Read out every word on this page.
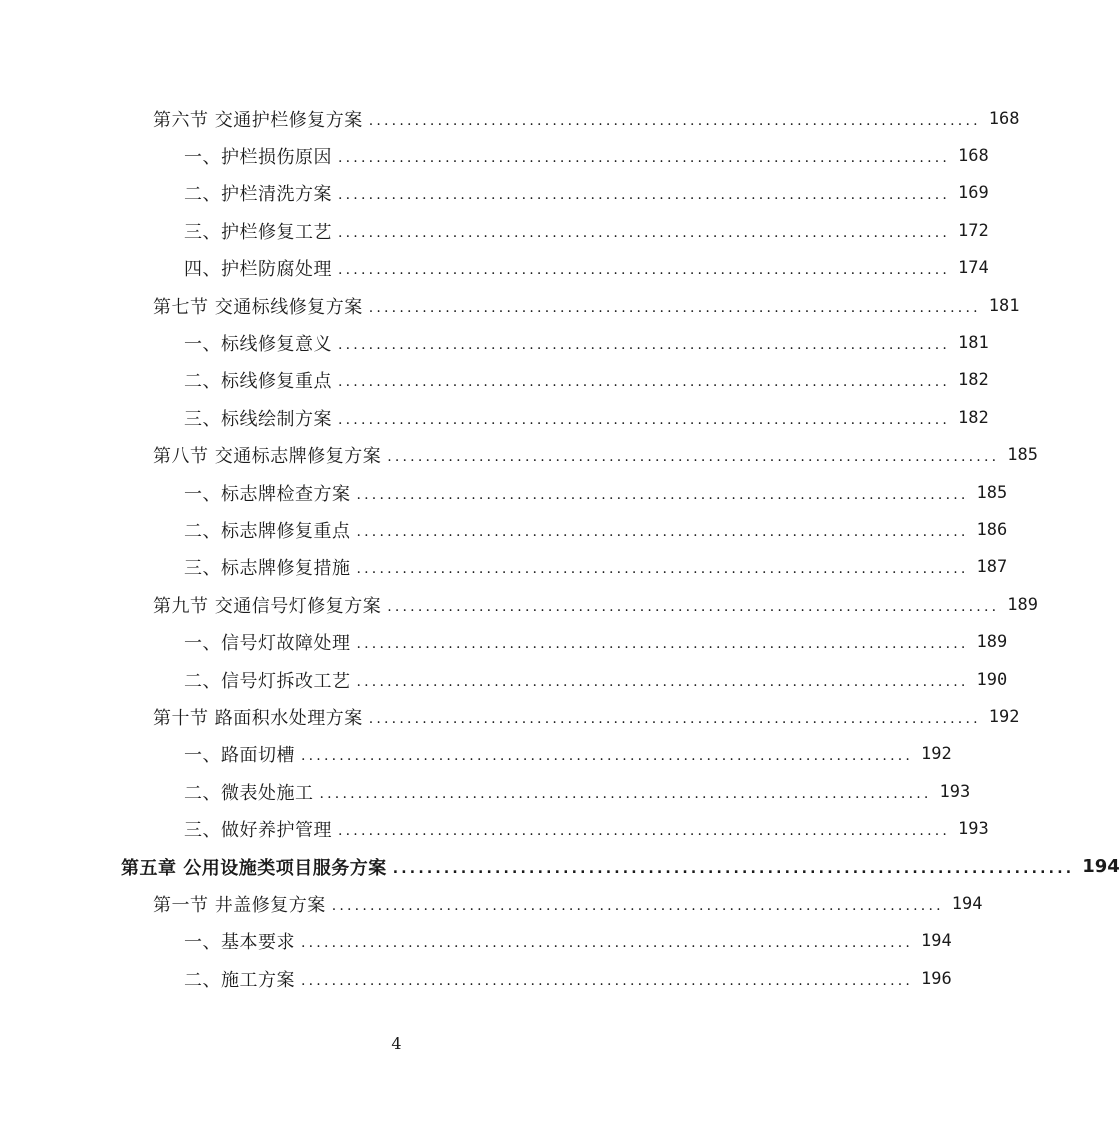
第六节 交通护栏修复方案 ................................................................................ 168
一、护栏损伤原因 ................................................................................ 168
二、护栏清洗方案 ................................................................................ 169
三、护栏修复工艺 ................................................................................ 172
四、护栏防腐处理 ................................................................................ 174
第七节 交通标线修复方案 ................................................................................ 181
一、标线修复意义 ................................................................................ 181
二、标线修复重点 ................................................................................ 182
三、标线绘制方案 ................................................................................ 182
第八节 交通标志牌修复方案 ................................................................................ 185
一、标志牌检查方案 ................................................................................ 185
二、标志牌修复重点 ................................................................................ 186
三、标志牌修复措施 ................................................................................ 187
第九节 交通信号灯修复方案 ................................................................................ 189
一、信号灯故障处理 ................................................................................ 189
二、信号灯拆改工艺 ................................................................................ 190
第十节 路面积水处理方案 ................................................................................ 192
一、路面切槽 ................................................................................ 192
二、微表处施工 ................................................................................ 193
三、做好养护管理 ................................................................................ 193
第五章 公用设施类项目服务方案 ................................................................................ 194
第一节 井盖修复方案 ................................................................................ 194
一、基本要求 ................................................................................ 194
二、施工方案 ................................................................................ 196
4
